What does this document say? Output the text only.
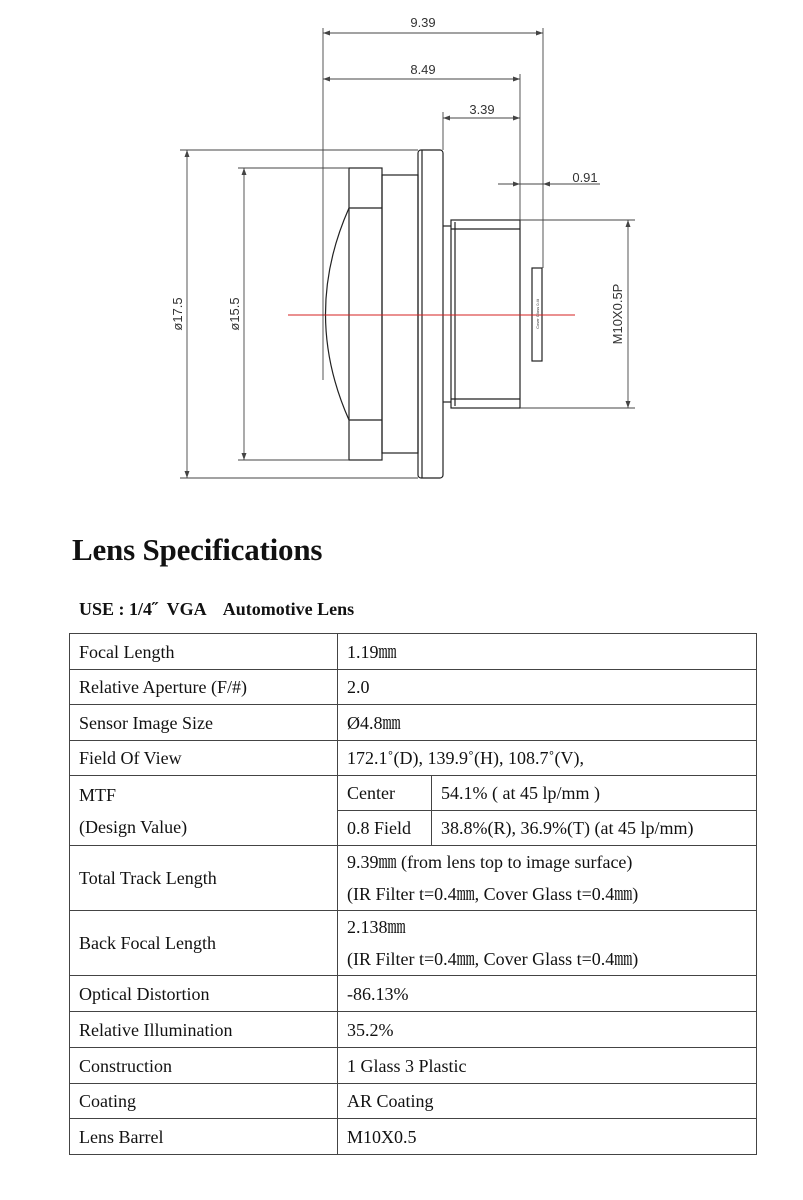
9.39
8.49
3.39
0.91
ø17.5	ø15.5	M10X0.5P
Cover Glass 0.4t
Lens Specifications
USE : 1/4˝  VGA    Automotive Lens
Focal Length	1.19㎜	
Relative Aperture (F/#)	2.0	
Sensor Image Size	Ø4.8㎜	
Field Of View	172.1˚(D), 139.9˚(H), 108.7˚(V),	

MTF
(Design Value)	Center	54.1% ( at 45 lp/mm )
	0.8 Field	38.8%(R), 36.9%(T) (at 45 lp/mm)
Total Track Length	9.39㎜ (from lens top to image surface)
(IR Filter t=0.4㎜, Cover Glass t=0.4㎜)	

Back Focal Length	2.138㎜
(IR Filter t=0.4㎜, Cover Glass t=0.4㎜)	

Optical Distortion	-86.13%	
Relative Illumination	35.2%	
Construction	1 Glass 3 Plastic	
Coating	AR Coating	
Lens Barrel	M10X0.5	
